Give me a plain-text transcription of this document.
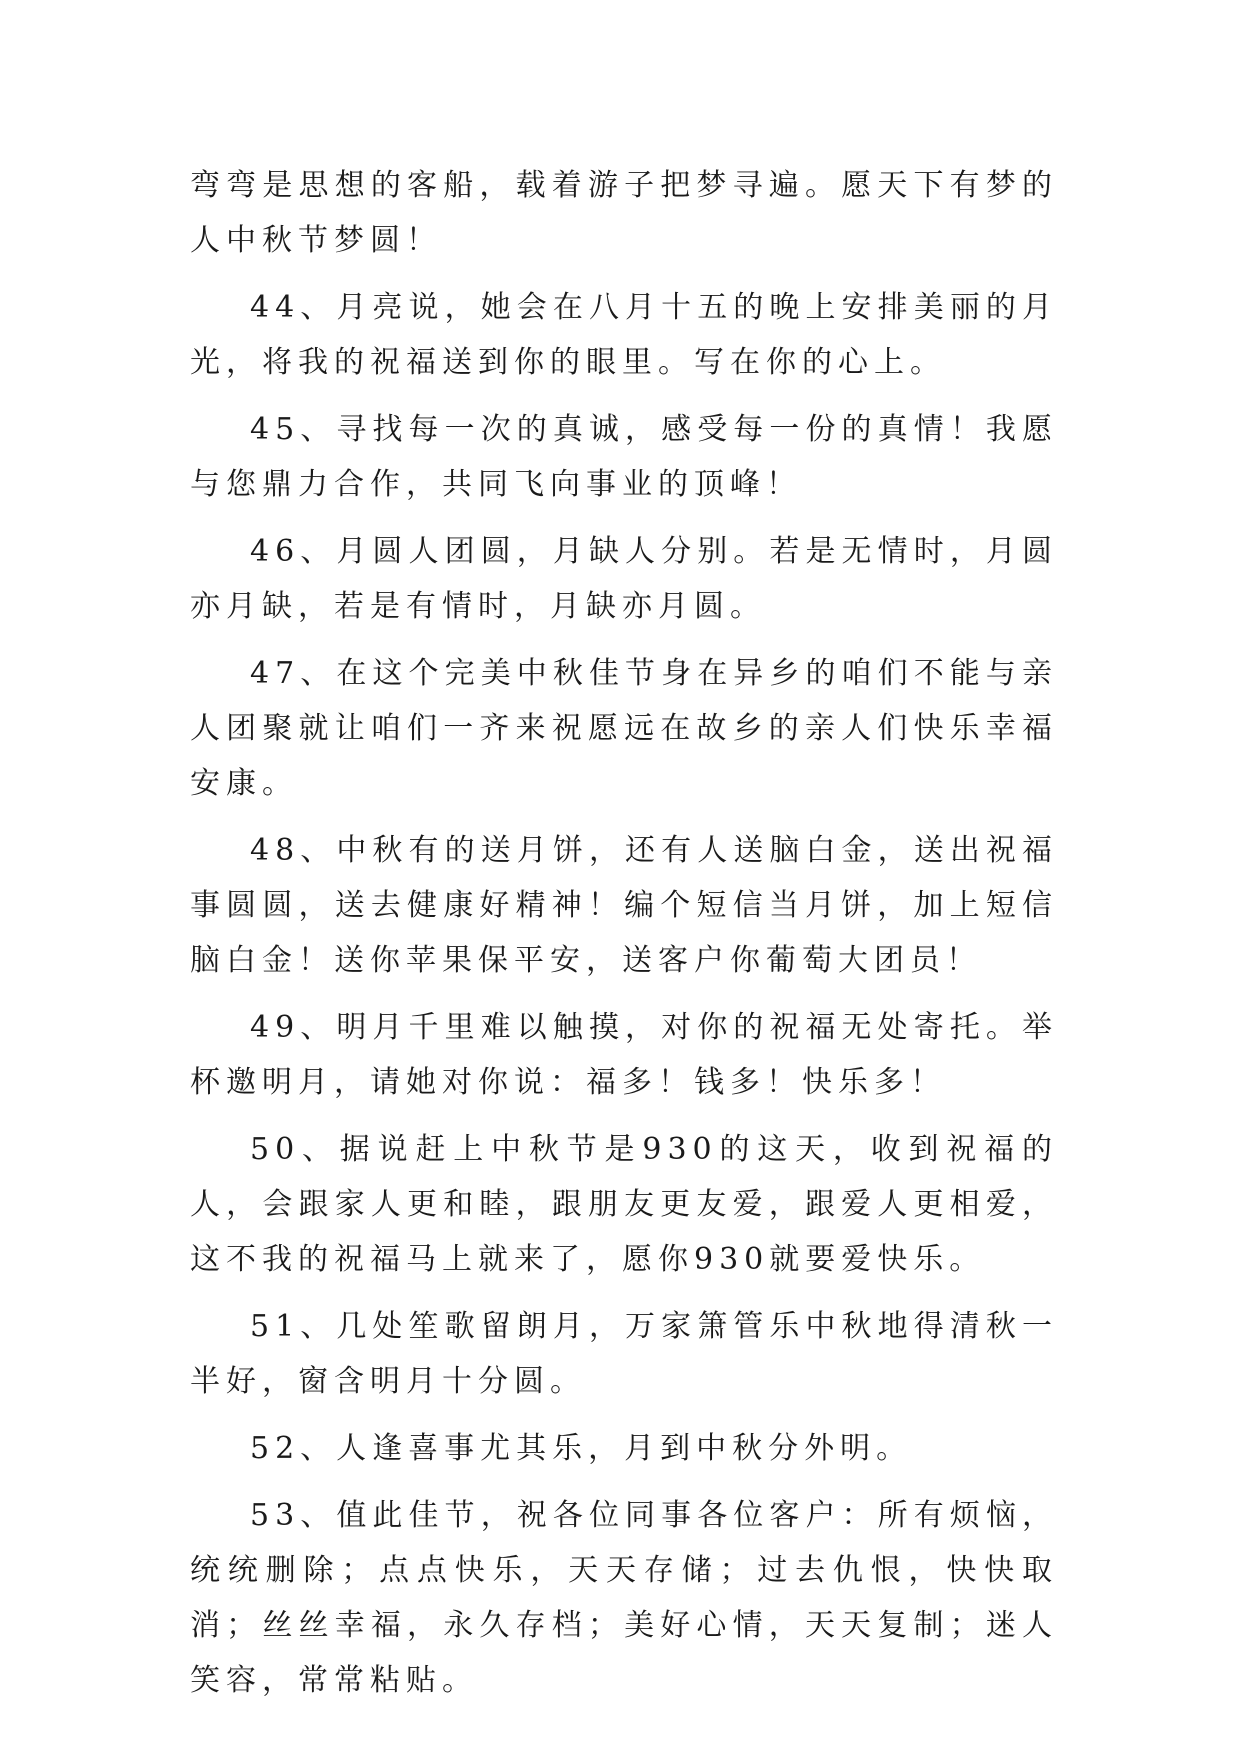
弯弯是思想的客船，载着游子把梦寻遍。愿天下有梦的人中秋节梦圆！

44、月亮说，她会在八月十五的晚上安排美丽的月光，将我的祝福送到你的眼里。写在你的心上。

45、寻找每一次的真诚，感受每一份的真情！我愿与您鼎力合作，共同飞向事业的顶峰！

46、月圆人团圆，月缺人分别。若是无情时，月圆亦月缺，若是有情时，月缺亦月圆。

47、在这个完美中秋佳节身在异乡的咱们不能与亲人团聚就让咱们一齐来祝愿远在故乡的亲人们快乐幸福安康。

48、中秋有的送月饼，还有人送脑白金，送出祝福事圆圆，送去健康好精神！编个短信当月饼，加上短信脑白金！送你苹果保平安，送客户你葡萄大团员！

49、明月千里难以触摸，对你的祝福无处寄托。举杯邀明月，请她对你说：福多！钱多！快乐多！

50、据说赶上中秋节是930的这天，收到祝福的人，会跟家人更和睦，跟朋友更友爱，跟爱人更相爱，这不我的祝福马上就来了，愿你930就要爱快乐。

51、几处笙歌留朗月，万家箫管乐中秋地得清秋一半好，窗含明月十分圆。

52、人逢喜事尤其乐，月到中秋分外明。

53、值此佳节，祝各位同事各位客户：所有烦恼，统统删除；点点快乐，天天存储；过去仇恨，快快取消；丝丝幸福，永久存档；美好心情，天天复制；迷人笑容，常常粘贴。
